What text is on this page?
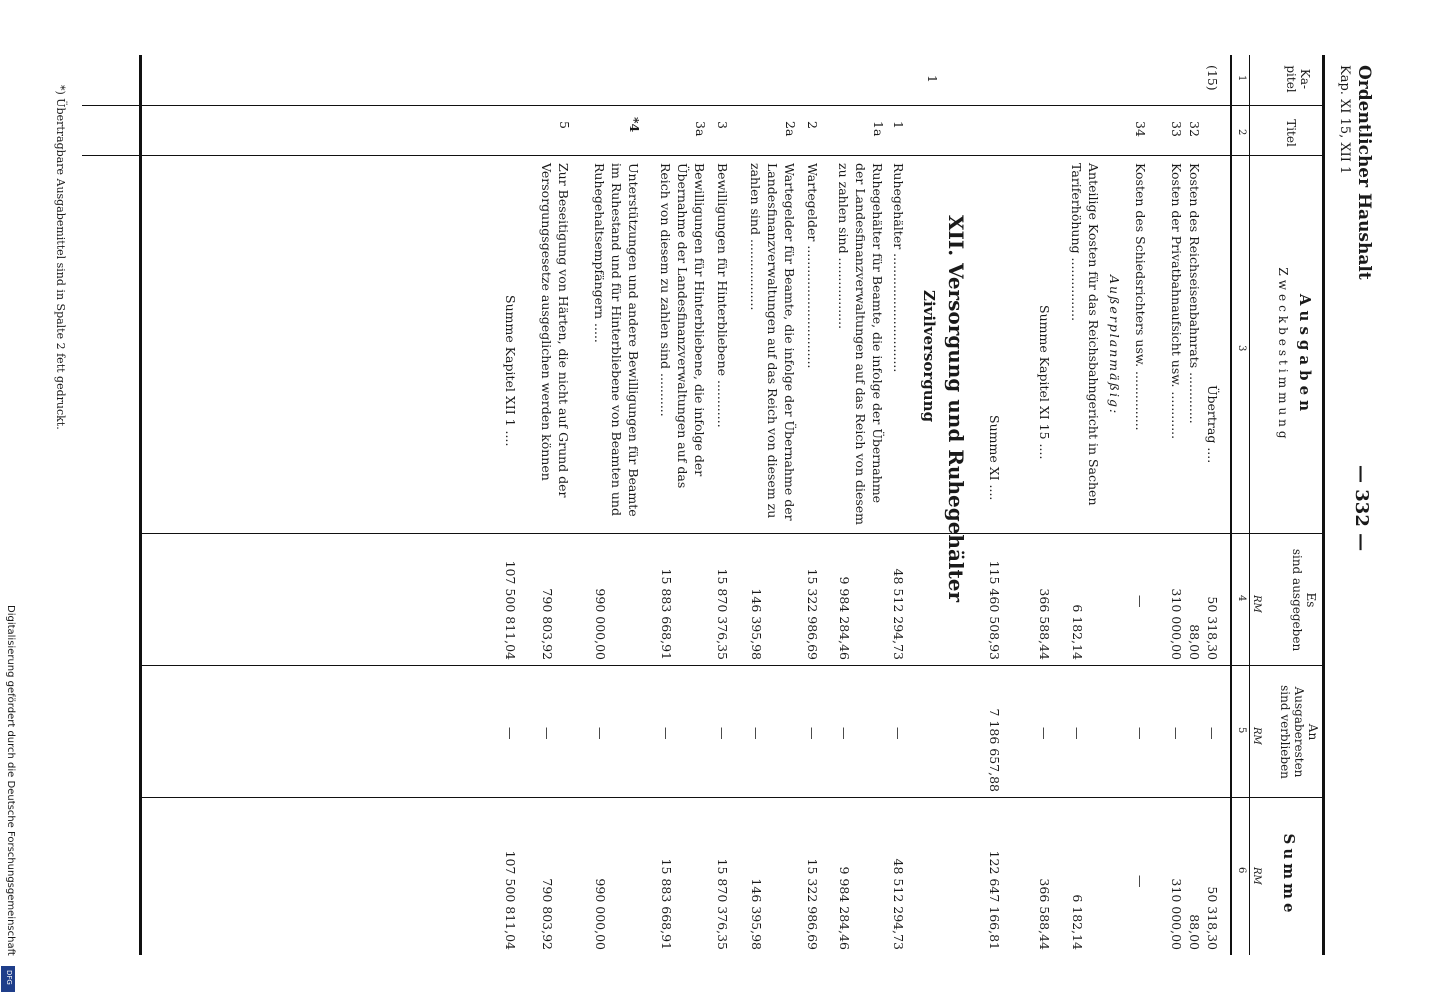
Digitalisierung gefördert durch die Deutsche Forschungsgemeinschaft
DFG
*) Übertragbare Ausgabemittel sind in Spalte 2 fett gedruckt.	Ordentlicher Haushalt
Kap. XI 15, XII 1
— 332 —
Ka-
pitel
Titel
Ausgaben
Zweckbestimmung
Es
sind ausgegeben
An
Ausgaberesten
sind verblieben
Summe
RM
RM
RM
1
2
3
4
5
6
(15)
Übertrag ....
50 318,30
—
50 318,30
32
Kosten des Reichseisenbahnrats .............
88,00
88,00
33
Kosten der Privatbahnaufsicht usw. ............
310 000,00
—
310 000,00
34
Kosten des Schiedsrichters usw. ...............
—
—
—
Außerplanmäßig:
Anteilige Kosten für das Reichsbahngericht in Sachen Tariferhöhung ................
6 182,14
—
6 182,14
Summe Kapitel XI 15 ....
366 588,44
—
366 588,44
Summe XI ....
115 460 508,93
7 186 657,88
122 647 166,81
XII. Versorgung und Ruhegehälter
1
Zivilversorgung
1
Ruhegehälter ..............................
48 512 294,73
—
48 512 294,73
1a
Ruhegehälter für Beamte, die infolge der Übernahme der Landesfinanzverwaltungen auf das Reich von diesem zu zahlen sind ..................
9 984 284,46
—
9 984 284,46
2
Wartegelder ...............................
15 322 986,69
—
15 322 986,69
2a
Wartegelder für Beamte, die infolge der Übernahme der Landesfinanzverwaltungen auf das Reich von diesem zu zahlen sind ..................
146 395,98
—
146 395,98
3
Bewilligungen für Hinterbliebene ............
15 870 376,35
—
15 870 376,35
3a
Bewilligungen für Hinterbliebene, die infolge der Übernahme der Landesfinanzverwaltungen auf das Reich von diesem zu zahlen sind ...........
15 883 668,91
—
15 883 668,91
*4
Unterstützungen und andere Bewilligungen für Beamte im Ruhestand und für Hinterbliebene von Beamten und Ruhegehaltsempfängern .....
990 000,00
—
990 000,00
5
Zur Beseitigung von Härten, die nicht auf Grund der Versorgungsgesetze ausgeglichen werden können
790 803,92
—
790 803,92
Summe Kapitel XII 1 ....
107 500 811,04
—
107 500 811,04
